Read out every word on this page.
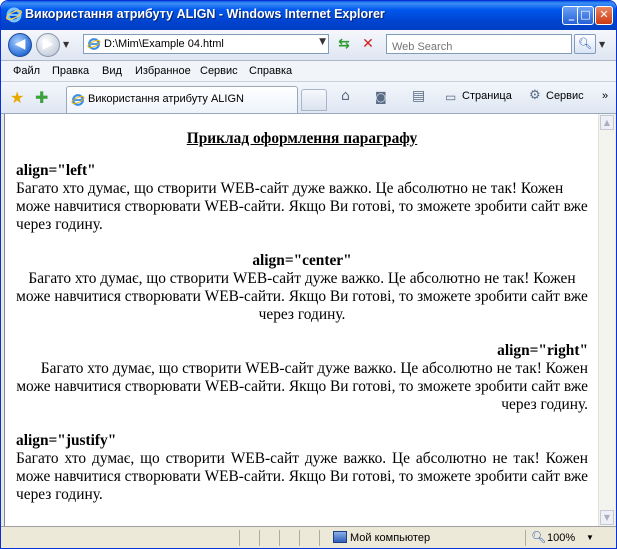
Використання атрибуту ALIGN - Windows Internet Explorer	_ □ ✕
◀	▶	▼	D:\Mim\Example 04.html	▼ ⇆ ✕
Web Search	🔍︎ ▼
Файл Правка Вид Избранное Сервис Справка
★ ✚	Використання атрибуту ALIGN	⌂ ◙ ▤ ▭ Страница ⚙ Сервис »
Приклад оформлення параграфу
align="left"

Багато хто думає, що створити WEB-сайт дуже важко. Це абсолютно не так! Кожен може навчитися створювати WEB-сайти. Якщо Ви готові, то зможете зробити сайт вже через годину.

align="center"

Багато хто думає, що створити WEB-сайт дуже важко. Це абсолютно не так! Кожен може навчитися створювати WEB-сайти. Якщо Ви готові, то зможете зробити сайт вже через годину.

align="right"

Багато хто думає, що створити WEB-сайт дуже важко. Це абсолютно не так! Кожен може навчитися створювати WEB-сайти. Якщо Ви готові, то зможете зробити сайт вже через годину.

align="justify"

Багато хто думає, що створити WEB-сайт дуже важко. Це абсолютно не так! Кожен може навчитися створювати WEB-сайти. Якщо Ви готові, то зможете зробити сайт вже через годину.

▲
▼
Мой компьютер	🔍︎ 100% ▼
